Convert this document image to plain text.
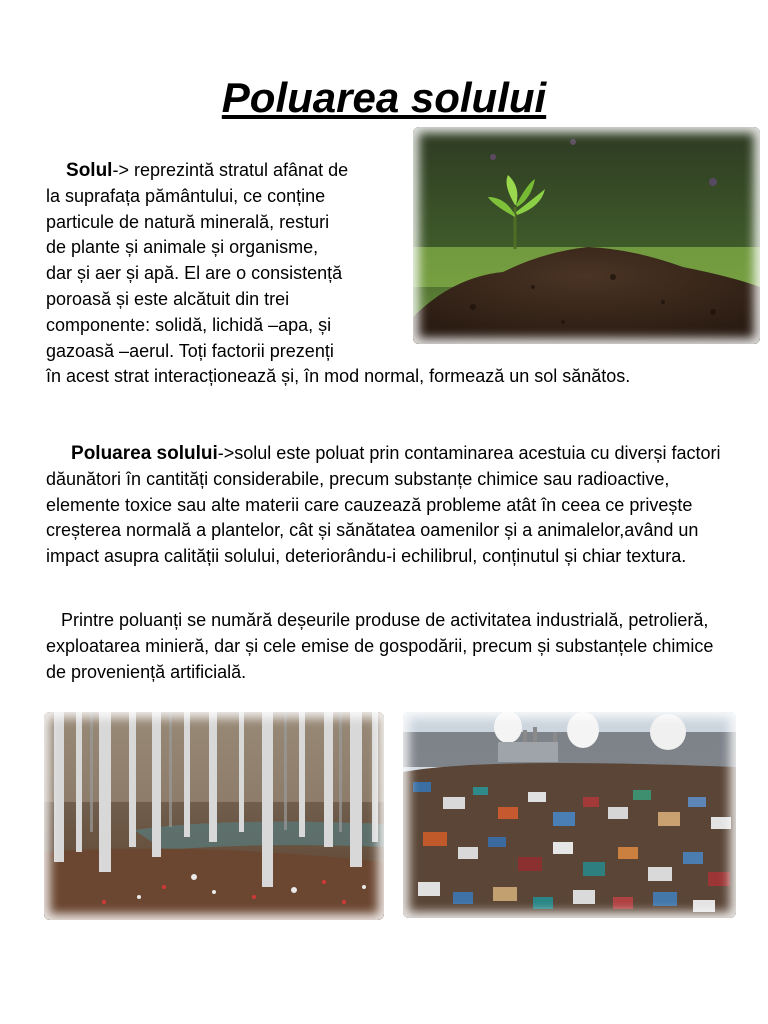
Poluarea solului
Solul-> reprezintă stratul afânat de
la suprafața pământului, ce conține
particule de natură minerală, resturi
de plante și animale și organisme,
dar și aer și apă. El are o consistență
poroasă și este alcătuit din trei
componente: solidă, lichidă –apa, și
gazoasă –aerul. Toți factorii prezenți
în acest strat interacționează și, în mod normal, formează un sol sănătos.

Poluarea solului->solul este poluat prin contaminarea acestuia cu diverși factori dăunători în cantități considerabile, precum substanțe chimice sau radioactive, elemente toxice sau alte materii care cauzează probleme atât în ceea ce privește creșterea normală a plantelor, cât și sănătatea oamenilor și a animalelor,având un impact asupra calității solului, deteriorându-i echilibrul, conținutul și chiar textura.

Printre poluanți se numără deșeurile produse de activitatea industrială, petrolieră, exploatarea minieră, dar și cele emise de gospodării, precum și substanțele chimice de proveniență artificială.
